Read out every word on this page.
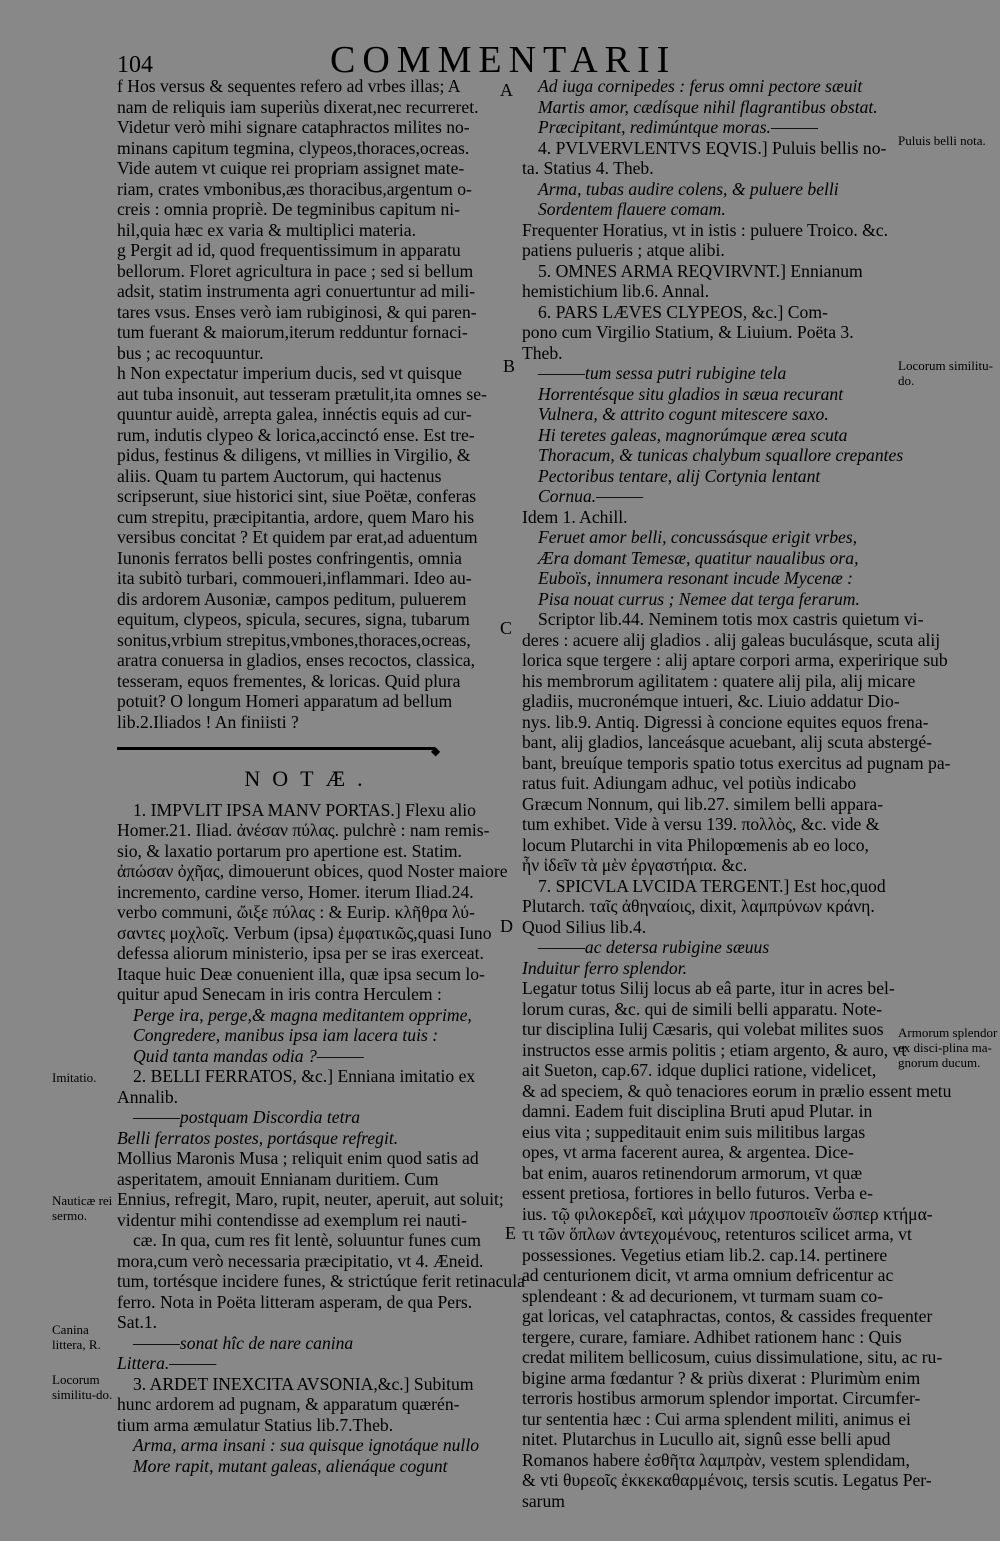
104	COMMENTARII

f Hos versus & sequentes refero ad vrbes illas; A

nam de reliquis iam superiùs dixerat,nec recurreret.

Videtur verò mihi signare cataphractos milites no-

minans capitum tegmina, clypeos,thoraces,ocreas.

Vide autem vt cuique rei propriam assignet mate-

riam, crates vmbonibus,æs thoracibus,argentum o-

creis : omnia propriè. De tegminibus capitum ni-

hil,quia hæc ex varia & multiplici materia.

g Pergit ad id, quod frequentissimum in apparatu

bellorum. Floret agricultura in pace ; sed si bellum

adsit, statim instrumenta agri conuertuntur ad mili-

tares vsus. Enses verò iam rubiginosi, & qui paren-

tum fuerant & maiorum,iterum redduntur fornaci-

bus ; ac recoquuntur.

h Non expectatur imperium ducis, sed vt quisque

aut tuba insonuit, aut tesseram prætulit,ita omnes se-

quuntur auidè, arrepta galea, innéctis equis ad cur-

rum, indutis clypeo & lorica,accinctó ense. Est tre-

pidus, festinus & diligens, vt millies in Virgilio, &

aliis. Quam tu partem Auctorum, qui hactenus

scripserunt, siue historici sint, siue Poëtæ, conferas

cum strepitu, præcipitantia, ardore, quem Maro his

versibus concitat ? Et quidem par erat,ad aduentum

Iunonis ferratos belli postes confringentis, omnia

ita subitò turbari, commoueri,inflammari. Ideo au-

dis ardorem Ausoniæ, campos peditum, puluerem

equitum, clypeos, spicula, secures, signa, tubarum

sonitus,vrbium strepitus,vmbones,thoraces,ocreas,

aratra conuersa in gladios, enses recoctos, classica,

tesseram, equos frementes, & loricas. Quid plura

potuit? O longum Homeri apparatum ad bellum

lib.2.Iliados ! An finiisti ?

◆
NOTÆ.

1. IMPVLIT IPSA MANV PORTAS.] Flexu alio

Homer.21. Iliad. ἀνέσαν πύλας. pulchrè : nam remis-

sio, & laxatio portarum pro apertione est. Statim.

ἀπώσαν ὀχῆας, dimouerunt obices, quod Noster maiore

incremento, cardine verso, Homer. iterum Iliad.24.

verbo communi, ὤιξε πύλας : & Eurip. κλῆθρα λύ-

σαντες μοχλοῖς. Verbum (ipsa) ἐμφατικῶς,quasi Iuno

defessa aliorum ministerio, ipsa per se iras exerceat.

Itaque huic Deæ conuenient illa, quæ ipsa secum lo-

quitur apud Senecam in iris contra Herculem :

Perge ira, perge,& magna meditantem opprime,

Congredere, manibus ipsa iam lacera tuis :

Quid tanta mandas odia ?———

2. BELLI FERRATOS, &c.] Enniana imitatio ex

Annalib.

———postquam Discordia tetra

Belli ferratos postes, portásque refregit.

Mollius Maronis Musa ; reliquit enim quod satis ad

asperitatem, amouit Ennianam duritiem. Cum

Ennius, refregit, Maro, rupit, neuter, aperuit, aut soluit;

videntur mihi contendisse ad exemplum rei nauti-

cæ. In qua, cum res fit lentè, soluuntur funes cum

mora,cum verò necessaria præcipitatio, vt 4. Æneid.

tum, tortésque incidere funes, & strictúque ferit retinacula

ferro. Nota in Poëta litteram asperam, de qua Pers.

Sat.1.

———sonat hîc de nare canina

Littera.———

3. ARDET INEXCITA AVSONIA,&c.] Subitum

hunc ardorem ad pugnam, & apparatum quærén-

tium arma æmulatur Statius lib.7.Theb.

Arma, arma insani : sua quisque ignotáque nullo

More rapit, mutant galeas, alienáque cogunt

Ad iuga cornipedes : ferus omni pectore sæuit

Martis amor, cædísque nihil flagrantibus obstat.

Præcipitant, redimúntque moras.———

4. PVLVERVLENTVS EQVIS.] Puluis bellis no-

ta. Statius 4. Theb.

Arma, tubas audire colens, & puluere belli

Sordentem flauere comam.

Frequenter Horatius, vt in istis : puluere Troico. &c.

patiens pulueris ; atque alibi.

5. OMNES ARMA REQVIRVNT.] Ennianum

hemistichium lib.6. Annal.

6. PARS LÆVES CLYPEOS, &c.] Com-

pono cum Virgilio Statium, & Liuium. Poëta 3.

Theb.

———tum sessa putri rubigine tela

Horrentésque situ gladios in sæua recurant

Vulnera, & attrito cogunt mitescere saxo.

Hi teretes galeas, magnorúmque ærea scuta

Thoracum, & tunicas chalybum squallore crepantes

Pectoribus tentare, alij Cortynia lentant

Cornua.———

Idem 1. Achill.

Feruet amor belli, concussásque erigit vrbes,

Æra domant Temesæ, quatitur naualibus ora,

Euboïs, innumera resonant incude Mycenæ :

Pisa nouat currus ; Nemee dat terga ferarum.

Scriptor lib.44. Neminem totis mox castris quietum vi-

deres : acuere alij gladios . alij galeas buculásque, scuta alij

lorica sque tergere : alij aptare corpori arma, experirique sub

his membrorum agilitatem : quatere alij pila, alij micare

gladiis, mucronémque intueri, &c. Liuio addatur Dio-

nys. lib.9. Antiq. Digressi à concione equites equos frena-

bant, alij gladios, lanceásque acuebant, alij scuta abstergé-

bant, breuíque temporis spatio totus exercitus ad pugnam pa-

ratus fuit. Adiungam adhuc, vel potiùs indicabo

Græcum Nonnum, qui lib.27. similem belli appara-

tum exhibet. Vide à versu 139. πολλὸς, &c. vide &

locum Plutarchi in vita Philopœmenis ab eo loco,

ἦν ἰδεῖν τὰ μὲν ἐργαστήρια. &c.

7. SPICVLA LVCIDA TERGENT.] Est hoc,quod

Plutarch. ταῖς ἀθηναίοις, dixit, λαμπρύνων κράνη.

Quod Silius lib.4.

———ac detersa rubigine sæuus

Induitur ferro splendor.

Legatur totus Silij locus ab eâ parte, itur in acres bel-

lorum curas, &c. qui de simili belli apparatu. Note-

tur disciplina Iulij Cæsaris, qui volebat milites suos

instructos esse armis politis ; etiam argento, & auro, vt

ait Sueton, cap.67. idque duplici ratione, videlicet,

& ad speciem, & quò tenaciores eorum in prælio essent metu

damni. Eadem fuit disciplina Bruti apud Plutar. in

eius vita ; suppeditauit enim suis militibus largas

opes, vt arma facerent aurea, & argentea. Dice-

bat enim, auaros retinendorum armorum, vt quæ

essent pretiosa, fortiores in bello futuros. Verba e-

ius. τῷ φιλοκερδεῖ, καὶ μάχιμον προσποιεῖν ὥσπερ κτήμα-

τι τῶν ὅπλων ἀντεχομένους, retenturos scilicet arma, vt

possessiones. Vegetius etiam lib.2. cap.14. pertinere

ad centurionem dicit, vt arma omnium defricentur ac

splendeant : & ad decurionem, vt turmam suam co-

gat loricas, vel cataphractas, contos, & cassides frequenter

tergere, curare, famiare. Adhibet rationem hanc : Quis

credat militem bellicosum, cuius dissimulatione, situ, ac ru-

bigine arma fœdantur ? & priùs dixerat : Plurimùm enim

terroris hostibus armorum splendor importat. Circumfer-

tur sententia hæc : Cui arma splendent militi, animus ei

nitet. Plutarchus in Lucullo ait, signû esse belli apud

Romanos habere ἐσθῆτα λαμπρὰν, vestem splendidam,

& vti θυρεοῖς ἐκκεκαθαρμένοις, tersis scutis. Legatus Per-

sarum

Puluis belli nota.
Locorum similitu-do.
Armorum splendor ex disci-plina ma-gnorum ducum.
Imitatio.
Nauticæ rei sermo.
Canina littera, R.
Locorum similitu-do.
A
B
C
D
E
